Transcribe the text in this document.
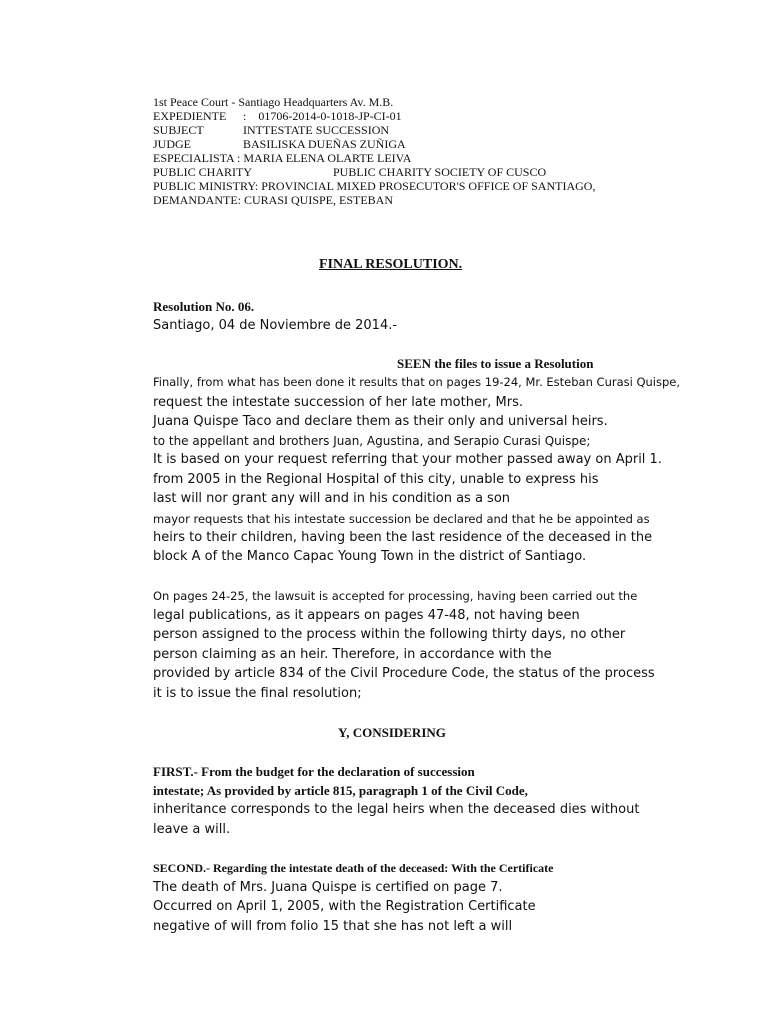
1st Peace Court - Santiago Headquarters Av. M.B.

EXPEDIENTE : 01706-2014-0-1018-JP-CI-01

SUBJECT	INTTESTATE SUCCESSION

JUDGE	BASILISKA DUEÑAS ZUÑIGA

ESPECIALISTA : MARIA ELENA OLARTE LEIVA

PUBLIC CHARITY	PUBLIC CHARITY SOCIETY OF CUSCO

PUBLIC MINISTRY: PROVINCIAL MIXED PROSECUTOR'S OFFICE OF SANTIAGO,

DEMANDANTE: CURASI QUISPE, ESTEBAN

FINAL RESOLUTION.

Resolution No. 06.

Santiago, 04 de Noviembre de 2014.-

SEEN the files to issue a Resolution

Finally, from what has been done it results that on pages 19-24, Mr. Esteban Curasi Quispe,

request the intestate succession of her late mother, Mrs.

Juana Quispe Taco and declare them as their only and universal heirs.

to the appellant and brothers Juan, Agustina, and Serapio Curasi Quispe;

It is based on your request referring that your mother passed away on April 1.

from 2005 in the Regional Hospital of this city, unable to express his

last will nor grant any will and in his condition as a son

mayor requests that his intestate succession be declared and that he be appointed as

heirs to their children, having been the last residence of the deceased in the

block A of the Manco Capac Young Town in the district of Santiago.

On pages 24-25, the lawsuit is accepted for processing, having been carried out the

legal publications, as it appears on pages 47-48, not having been

person assigned to the process within the following thirty days, no other

person claiming as an heir. Therefore, in accordance with the

provided by article 834 of the Civil Procedure Code, the status of the process

it is to issue the final resolution;

Y, CONSIDERING

FIRST.- From the budget for the declaration of succession

intestate; As provided by article 815, paragraph 1 of the Civil Code,

inheritance corresponds to the legal heirs when the deceased dies without

leave a will.

SECOND.- Regarding the intestate death of the deceased: With the Certificate

The death of Mrs. Juana Quispe is certified on page 7.

Occurred on April 1, 2005, with the Registration Certificate

negative of will from folio 15 that she has not left a will
